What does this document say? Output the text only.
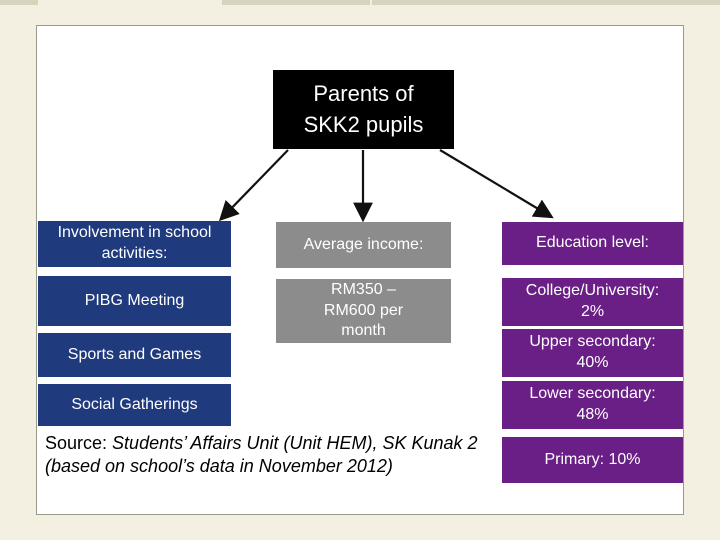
Parents of
SKK2 pupils
Involvement in school activities:
PIBG Meeting
Sports and Games
Social Gatherings
Average income:
RM350 – RM600 per month
Education level:
College/University: 2%
Upper secondary: 40%
Lower secondary: 48%
Primary: 10%
Source: Students’ Affairs Unit (Unit HEM), SK Kunak 2 (based on school’s data in November 2012)
